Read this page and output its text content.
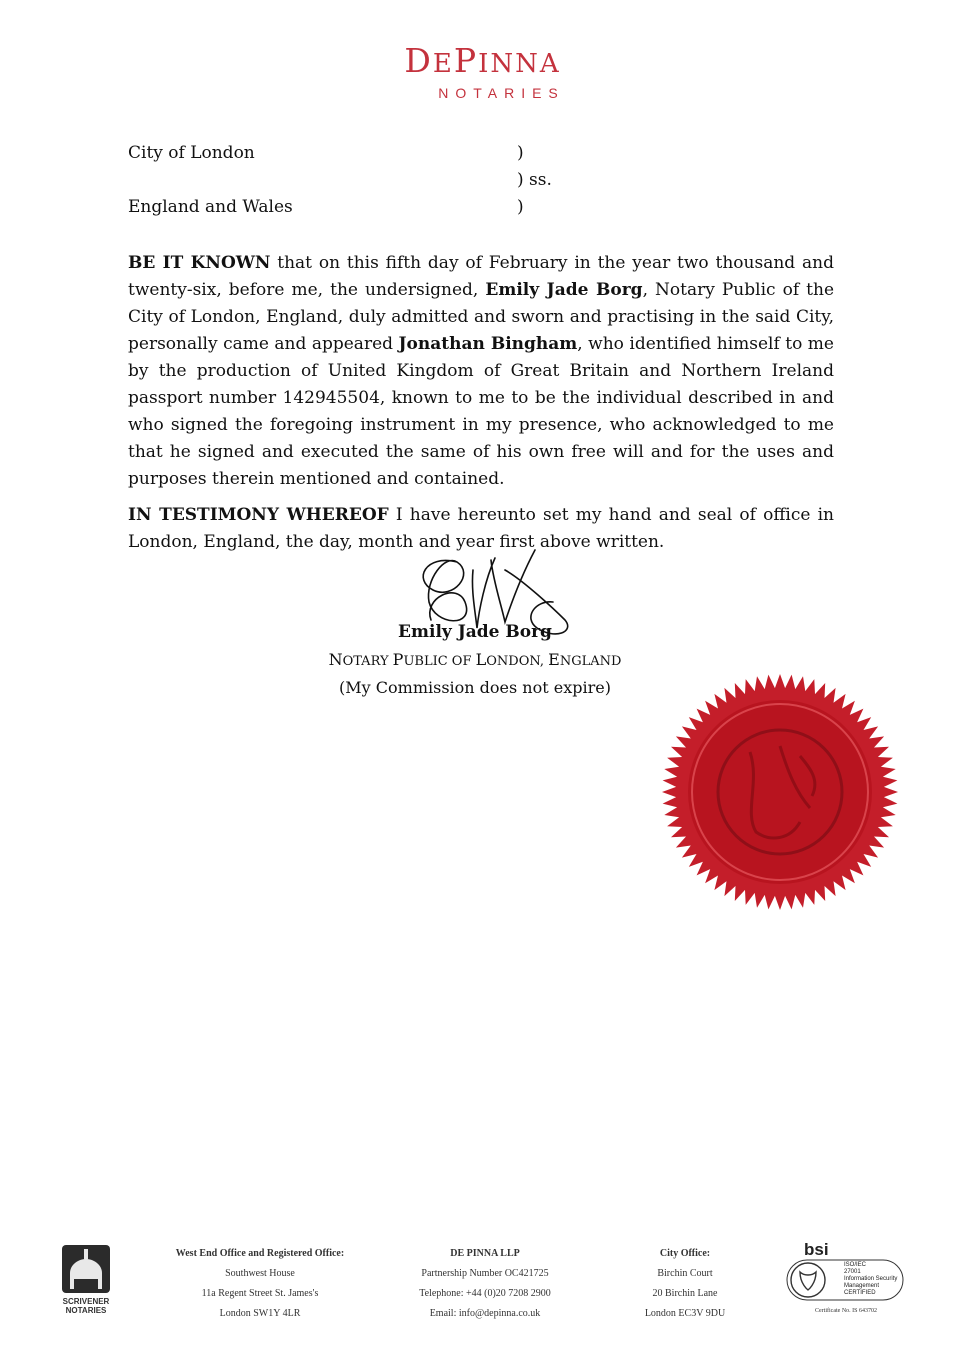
DEPINNA
NOTARIES
City of London
England and Wales
)
) ss.
)
BE IT KNOWN that on this fifth day of February in the year two thousand and twenty-six, before me, the undersigned, Emily Jade Borg, Notary Public of the City of London, England, duly admitted and sworn and practising in the said City, personally came and appeared Jonathan Bingham, who identified himself to me by the production of United Kingdom of Great Britain and Northern Ireland passport number 142945504, known to me to be the individual described in and who signed the foregoing instrument in my presence, who acknowledged to me that he signed and executed the same of his own free will and for the uses and purposes therein mentioned and contained.
IN TESTIMONY WHEREOF I have hereunto set my hand and seal of office in London, England, the day, month and year first above written.
Emily Jade Borg
NOTARY PUBLIC OF LONDON, ENGLAND
(My Commission does not expire)
SCRIVENER
NOTARIES
West End Office and Registered Office:
Southwest House
11a Regent Street St. James's
London SW1Y 4LR
DE PINNA LLP
Partnership Number OC421725
Telephone: +44 (0)20 7208 2900
Email: info@depinna.co.uk
City Office:
Birchin Court
20 Birchin Lane
London EC3V 9DU
bsi
ISO/IEC
27001
Information Security
Management
CERTIFIED
Certificate No. IS 643702
